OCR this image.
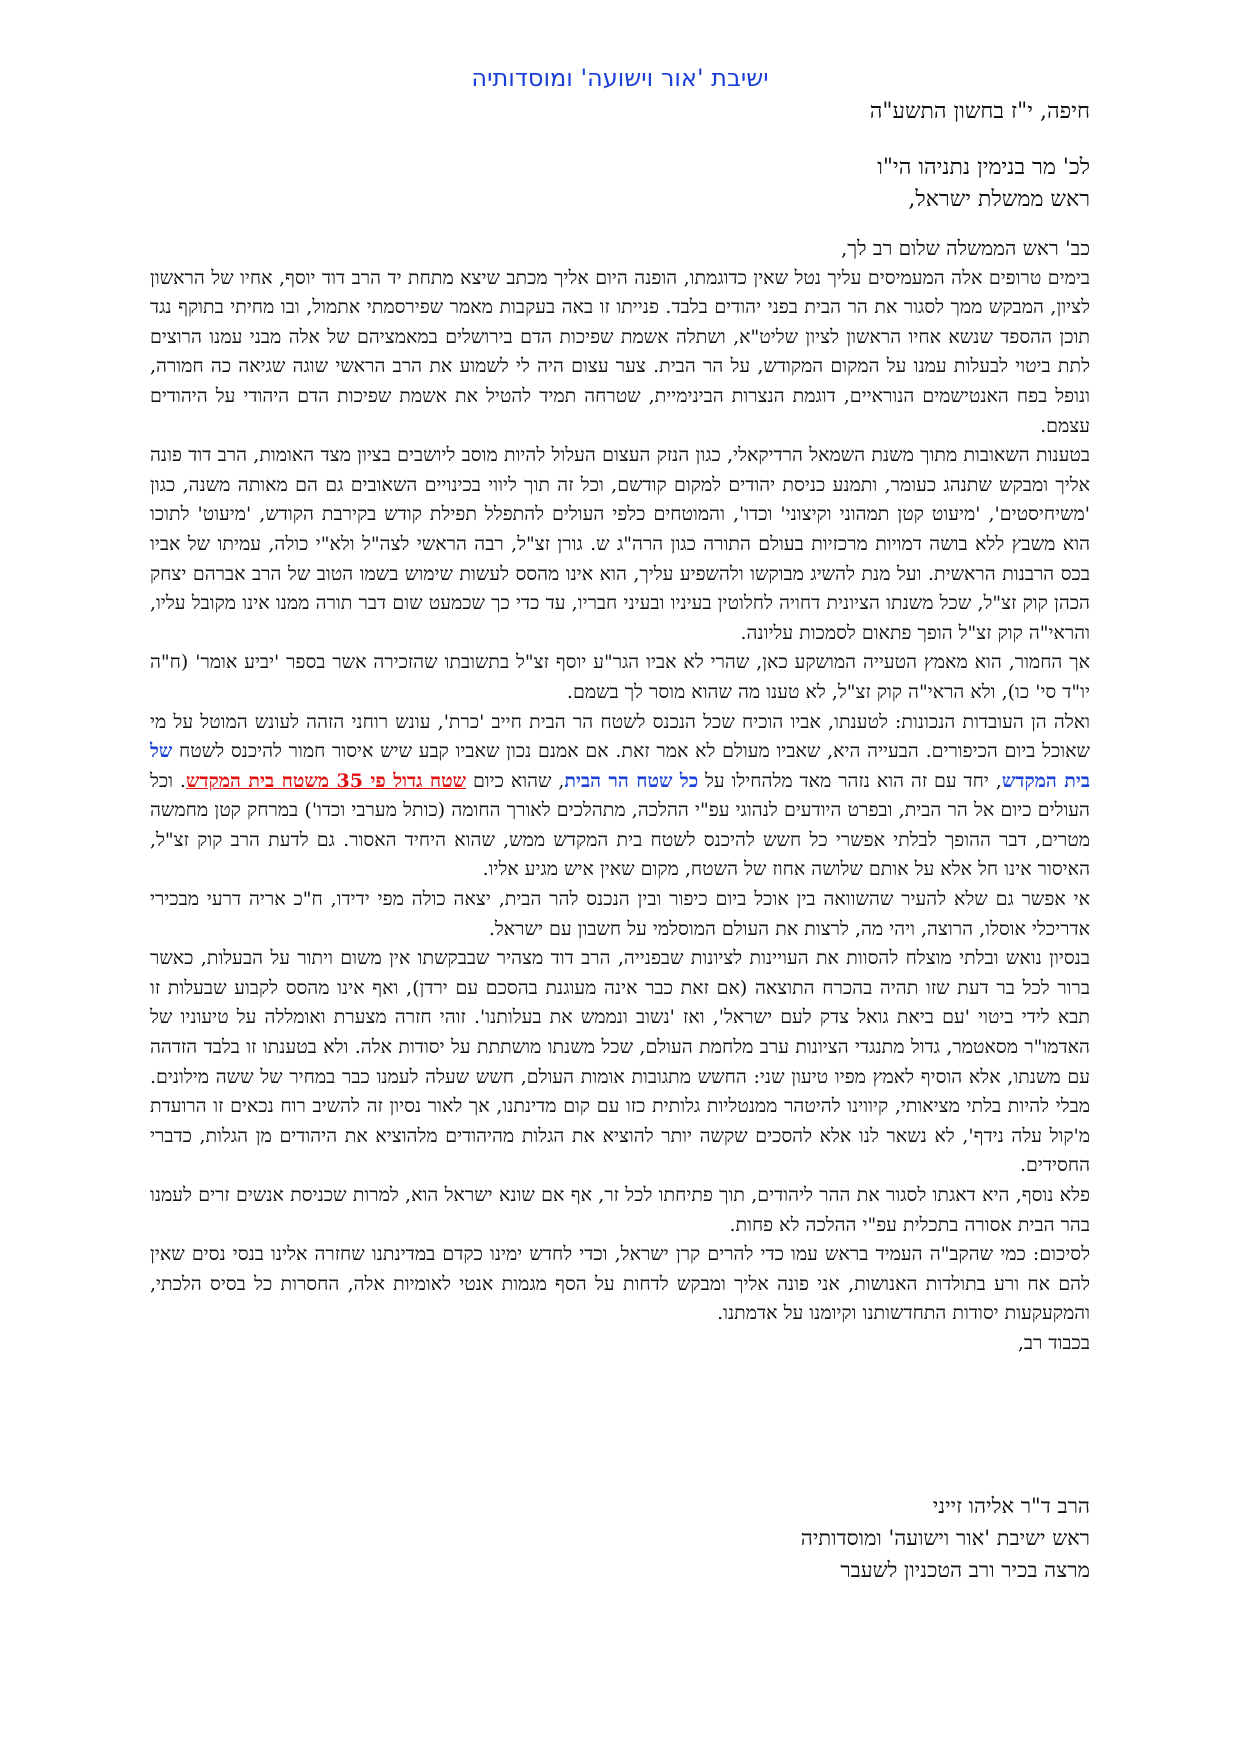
ישיבת 'אור וישועה' ומוסדותיה
חיפה, י"ז בחשון התשע"ה
לכ' מר בנימין נתניהו הי"ו
ראש ממשלת ישראל,

כב' ראש הממשלה שלום רב לך,

בימים טרופים אלה המעמיסים עליך נטל שאין כדוגמתו, הופנה היום אליך מכתב שיצא מתחת יד הרב דוד יוסף, אחיו של הראשון לציון, המבקש ממך לסגור את הר הבית בפני יהודים בלבד. פנייתו זו באה בעקבות מאמר שפירסמתי אתמול, ובו מחיתי בתוקף נגד תוכן ההספד שנשא אחיו הראשון לציון שליט"א, ושתלה אשמת שפיכות הדם בירושלים במאמציהם של אלה מבני עמנו הרוצים לתת ביטוי לבעלות עמנו על המקום המקודש, על הר הבית. צער עצום היה לי לשמוע את הרב הראשי שוגה שגיאה כה חמורה, ונופל בפח האנטישמים הנוראיים, דוגמת הנצרות הבינימיית, שטרחה תמיד להטיל את אשמת שפיכות הדם היהודי על היהודים עצמם.

בטענות השאובות מתוך משנת השמאל הרדיקאלי, כגון הנזק העצום העלול להיות מוסב ליושבים בציון מצד האומות, הרב דוד פונה אליך ומבקש שתנהג כעומר, ותמנע כניסת יהודים למקום קודשם, וכל זה תוך ליווי בכינויים השאובים גם הם מאותה משנה, כגון 'משיחיסטים', 'מיעוט קטן תמהוני וקיצוני' וכדו', והמוטחים כלפי העולים להתפלל תפילת קודש בקירבת הקודש, 'מיעוט' לתוכו הוא משבץ ללא בושה דמויות מרכזיות בעולם התורה כגון הרה"ג ש. גורן זצ"ל, רבה הראשי לצה"ל ולא"י כולה, עמיתו של אביו בכס הרבנות הראשית. ועל מנת להשיג מבוקשו ולהשפיע עליך, הוא אינו מהסס לעשות שימוש בשמו הטוב של הרב אברהם יצחק הכהן קוק זצ"ל, שכל משנתו הציונית דחויה לחלוטין בעיניו ובעיני חבריו, עד כדי כך שכמעט שום דבר תורה ממנו אינו מקובל עליו, והראי"ה קוק זצ"ל הופך פתאום לסמכות עליונה.

אך החמור, הוא מאמץ הטעייה המושקע כאן, שהרי לא אביו הגר"ע יוסף זצ"ל בתשובתו שהזכירה אשר בספר 'יביע אומר' (ח"ה יו"ד סי' כו), ולא הראי"ה קוק זצ"ל, לא טענו מה שהוא מוסר לך בשמם.

ואלה הן העובדות הנכונות: לטענתו, אביו הוכיח שכל הנכנס לשטח הר הבית חייב 'כרת', עונש רוחני הזהה לעונש המוטל על מי שאוכל ביום הכיפורים. הבעייה היא, שאביו מעולם לא אמר זאת. אם אמנם נכון שאביו קבע שיש איסור חמור להיכנס לשטח של בית המקדש, יחד עם זה הוא נזהר מאד מלהחילו על כל שטח הר הבית, שהוא כיום שטח גדול פי 35 משטח בית המקדש. וכל העולים כיום אל הר הבית, ובפרט היודעים לנהוגי עפ"י ההלכה, מתהלכים לאורך החומה (כותל מערבי וכדו') במרחק קטן מחמשה מטרים, דבר ההופך לבלתי אפשרי כל חשש להיכנס לשטח בית המקדש ממש, שהוא היחיד האסור. גם לדעת הרב קוק זצ"ל, האיסור אינו חל אלא על אותם שלושה אחוז של השטח, מקום שאין איש מגיע אליו.

אי אפשר גם שלא להעיר שהשוואה בין אוכל ביום כיפור ובין הנכנס להר הבית, יצאה כולה מפי ידידו, ח"כ אריה דרעי מבכירי אדריכלי אוסלו, הרוצה, ויהי מה, לרצות את העולם המוסלמי על חשבון עם ישראל.

בנסיון נואש ובלתי מוצלח להסוות את העויינות לציונות שבפנייה, הרב דוד מצהיר שבבקשתו אין משום ויתור על הבעלות, כאשר ברור לכל בר דעת שזו תהיה בהכרח התוצאה (אם זאת כבר אינה מעוגנת בהסכם עם ירדן), ואף אינו מהסס לקבוע שבעלות זו תבא לידי ביטוי 'עם ביאת גואל צדק לעם ישראל', ואז 'נשוב ונממש את בעלותנו'. זוהי חזרה מצערת ואומללה על טיעוניו של האדמו"ר מסאטמר, גדול מתנגדי הציונות ערב מלחמת העולם, שכל משנתו מושתתת על יסודות אלה. ולא בטענתו זו בלבד הזדהה עם משנתו, אלא הוסיף לאמץ מפיו טיעון שני: החשש מתגובות אומות העולם, חשש שעלה לעמנו כבר במחיר של ששה מילונים. מבלי להיות בלתי מציאותי, קיווינו להיטהר ממנטליות גלותית כזו עם קום מדינתנו, אך לאור נסיון זה להשיב רוח נכאים זו הרועדת מ'קול עלה נידף', לא נשאר לנו אלא להסכים שקשה יותר להוציא את הגלות מהיהודים מלהוציא את היהודים מן הגלות, כדברי החסידים.

פלא נוסף, היא דאגתו לסגור את ההר ליהודים, תוך פתיחתו לכל זר, אף אם שונא ישראל הוא, למרות שכניסת אנשים זרים לעמנו בהר הבית אסורה בתכלית עפ"י ההלכה לא פחות.

לסיכום: כמי שהקב"ה העמיד בראש עמו כדי להרים קרן ישראל, וכדי לחדש ימינו כקדם במדינתנו שחזרה אלינו בנסי נסים שאין להם אח ורע בתולדות האנושות, אני פונה אליך ומבקש לדחות על הסף מגמות אנטי לאומיות אלה, החסרות כל בסיס הלכתי, והמקעקעות יסודות התחדשותנו וקיומנו על אדמתנו.

בכבוד רב,

הרב ד"ר אליהו זייני
ראש ישיבת 'אור וישועה' ומוסדותיה
מרצה בכיר ורב הטכניון לשעבר
